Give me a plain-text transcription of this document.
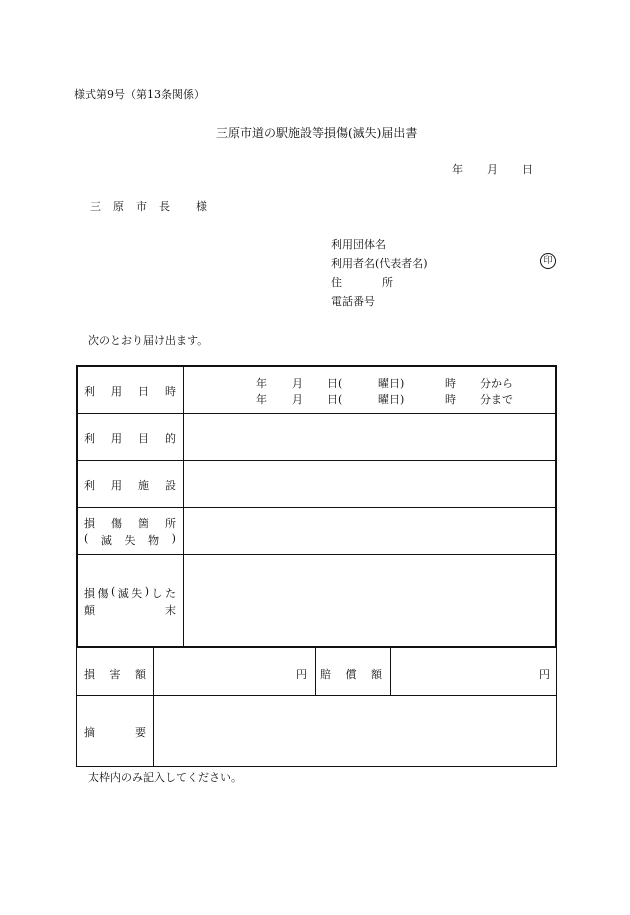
様式第9号（第13条関係）
三原市道の駅施設等損傷(滅失)届出書
年 月 日
三 原 市 長 様
利用団体名
利用者名(代表者名)	印
住	所
電話番号
次のとおり届け出ます。
利 用 日 時
年 月 日(	曜日)	時 分から
年 月 日(	曜日)	時 分まで
利 用 目 的
利 用 施 設
損 傷 箇 所
( 滅 失 物 )
損 傷 ( 滅 失 ) し た
顛	末
損 害 額	円 賠 償 額	円
摘	要
太枠内のみ記入してください。
